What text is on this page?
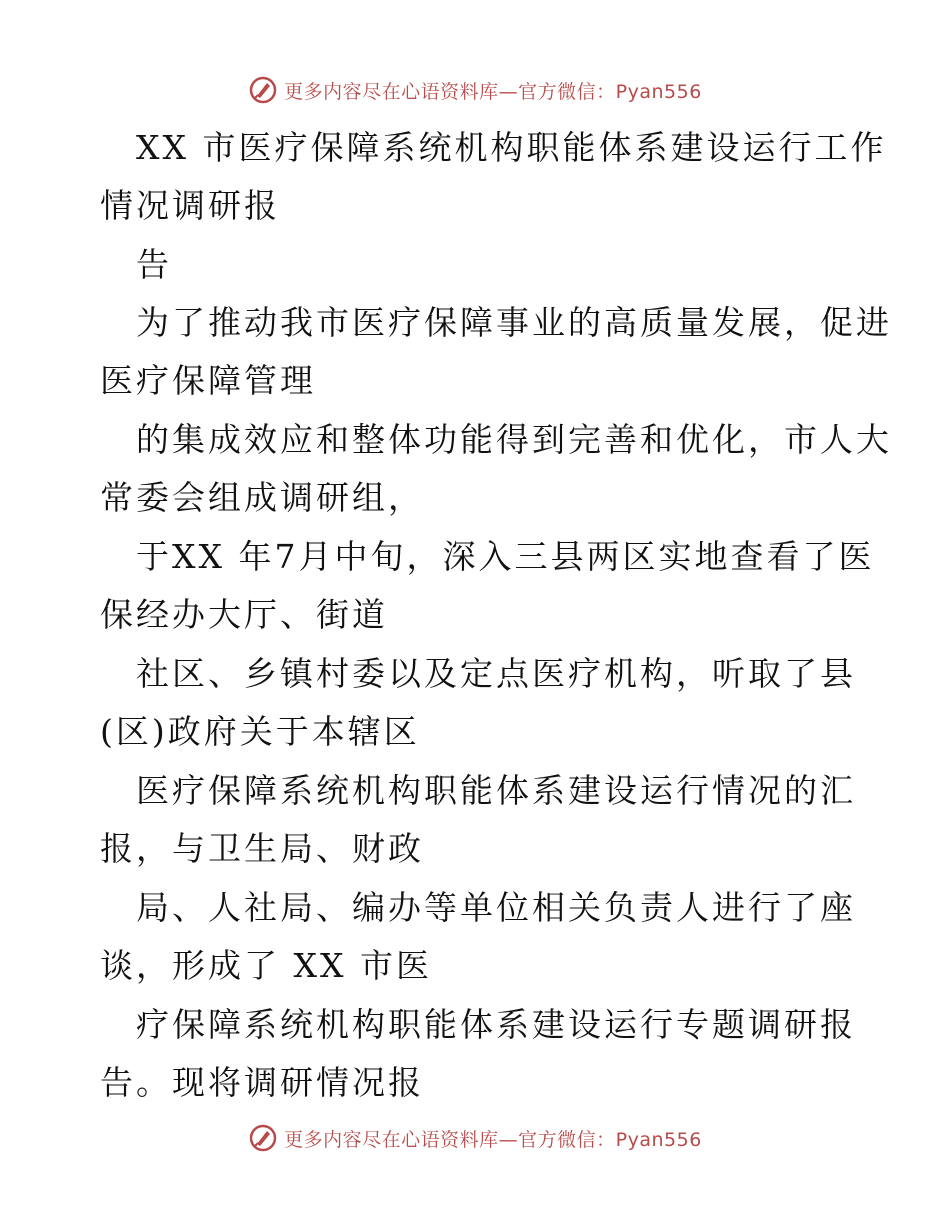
更多内容尽在心语资料库—官方微信：Pyan556
XX 市医疗保障系统机构职能体系建设运行工作
情况调研报
告
为了推动我市医疗保障事业的高质量发展，促进
医疗保障管理
的集成效应和整体功能得到完善和优化，市人大
常委会组成调研组，
于XX 年7月中旬，深入三县两区实地查看了医
保经办大厅、街道
社区、乡镇村委以及定点医疗机构，听取了县
(区)政府关于本辖区
医疗保障系统机构职能体系建设运行情况的汇
报，与卫生局、财政
局、人社局、编办等单位相关负责人进行了座
谈，形成了 XX 市医
疗保障系统机构职能体系建设运行专题调研报
告。现将调研情况报
更多内容尽在心语资料库—官方微信：Pyan556
